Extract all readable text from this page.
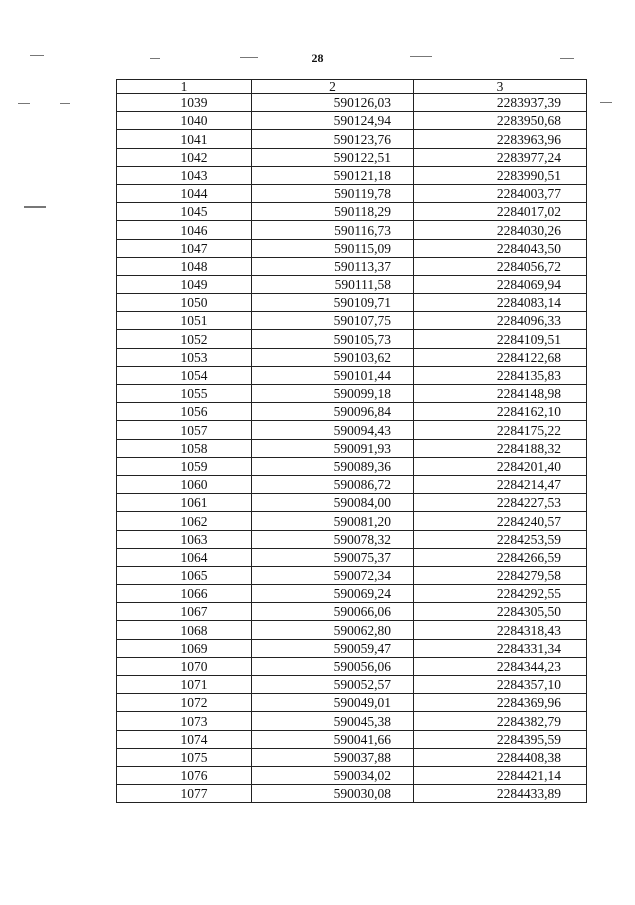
28
1	2	3
1039	590126,03	2283937,39
1040	590124,94	2283950,68
1041	590123,76	2283963,96
1042	590122,51	2283977,24
1043	590121,18	2283990,51
1044	590119,78	2284003,77
1045	590118,29	2284017,02
1046	590116,73	2284030,26
1047	590115,09	2284043,50
1048	590113,37	2284056,72
1049	590111,58	2284069,94
1050	590109,71	2284083,14
1051	590107,75	2284096,33
1052	590105,73	2284109,51
1053	590103,62	2284122,68
1054	590101,44	2284135,83
1055	590099,18	2284148,98
1056	590096,84	2284162,10
1057	590094,43	2284175,22
1058	590091,93	2284188,32
1059	590089,36	2284201,40
1060	590086,72	2284214,47
1061	590084,00	2284227,53
1062	590081,20	2284240,57
1063	590078,32	2284253,59
1064	590075,37	2284266,59
1065	590072,34	2284279,58
1066	590069,24	2284292,55
1067	590066,06	2284305,50
1068	590062,80	2284318,43
1069	590059,47	2284331,34
1070	590056,06	2284344,23
1071	590052,57	2284357,10
1072	590049,01	2284369,96
1073	590045,38	2284382,79
1074	590041,66	2284395,59
1075	590037,88	2284408,38
1076	590034,02	2284421,14
1077	590030,08	2284433,89
